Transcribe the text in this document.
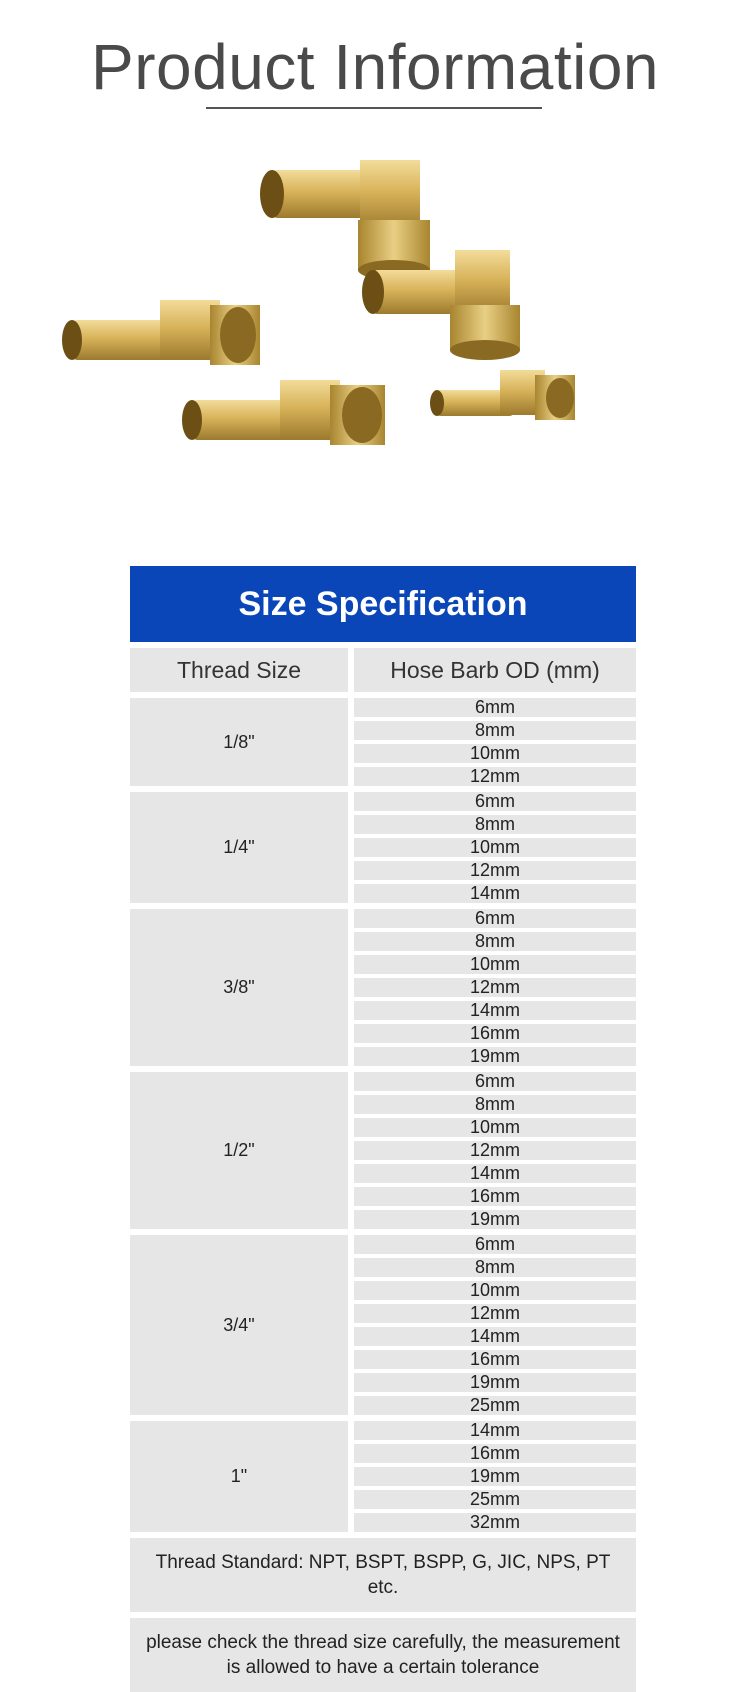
Product Information
Size Specification
Thread Size	Hose Barb OD (mm)
1/8"
6mm
8mm
10mm
12mm
1/4"
6mm
8mm
10mm
12mm
14mm
3/8"
6mm
8mm
10mm
12mm
14mm
16mm
19mm
1/2"
6mm
8mm
10mm
12mm
14mm
16mm
19mm
3/4"
6mm
8mm
10mm
12mm
14mm
16mm
19mm
25mm
1"
14mm
16mm
19mm
25mm
32mm
Thread Standard: NPT, BSPT, BSPP, G, JIC, NPS, PT etc.
please check the thread size carefully, the measurement is allowed to have a certain tolerance
